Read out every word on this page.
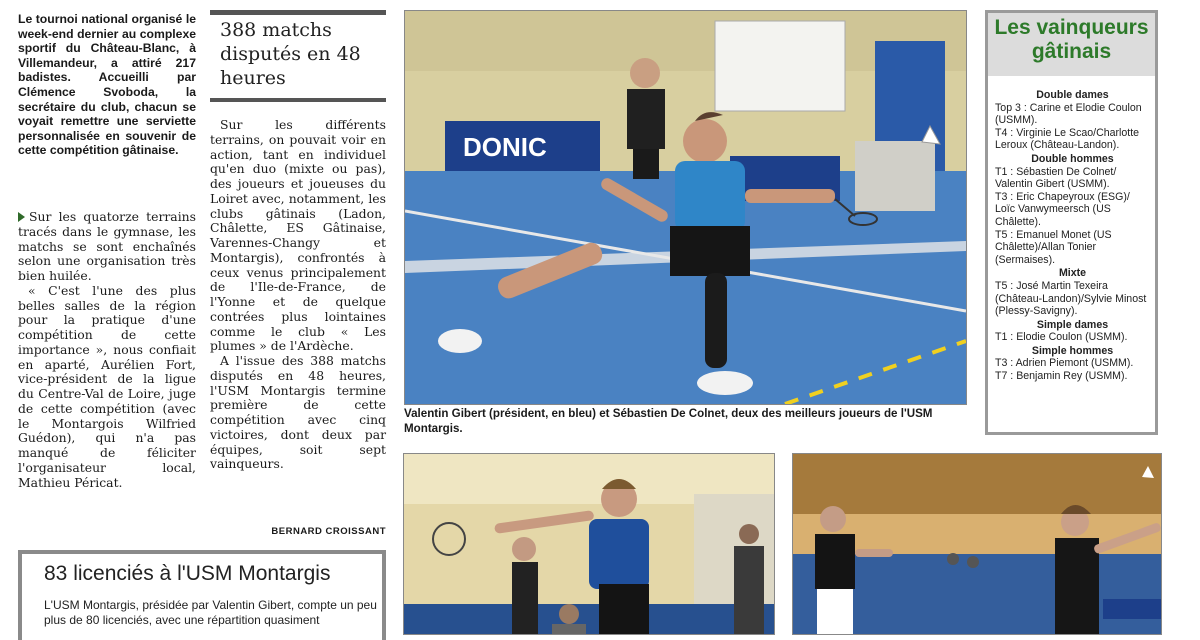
Le tournoi national organisé le week-end dernier au complexe sportif du Château-Blanc, à Villemandeur, a attiré 217 badistes. Accueilli par Clémence Svoboda, la secrétaire du club, chacun se voyait remettre une serviette personnalisée en souvenir de cette compétition gâtinaise.

Sur les quatorze terrains tracés dans le gymnase, les matchs se sont enchaînés selon une organisation très bien huilée.

« C'est l'une des plus belles salles de la région pour la pratique d'une compétition de cette importance », nous confiait en aparté, Aurélien Fort, vice-président de la ligue du Centre-Val de Loire, juge de cette compétition (avec le Montargois Wilfried Guédon), qui n'a pas manqué de féliciter l'organisateur local, Mathieu Péricat.

388 matchs disputés en 48 heures

Sur les différents terrains, on pouvait voir en action, tant en individuel qu'en duo (mixte ou pas), des joueurs et joueuses du Loiret avec, notamment, les clubs gâtinais (Ladon, Châlette, ES Gâtinaise, Varennes-Changy et Montargis), confrontés à ceux venus principalement de l'Ile-de-France, de l'Yonne et de quelque contrées plus lointaines comme le club « Les plumes » de l'Ardèche.

A l'issue des 388 matchs disputés en 48 heures, l'USM Montargis termine première de cette compétition avec cinq victoires, dont deux par équipes, soit sept vainqueurs.

BERNARD CROISSANT
83 licenciés à l'USM Montargis
L'USM Montargis, présidée par Valentin Gibert, compte un peu plus de 80 licenciés, avec une répartition quasiment
DONIC
Valentin Gibert (président, en bleu) et Sébastien De Colnet, deux des meilleurs joueurs de l'USM Montargis.
Les vainqueurs gâtinais
Double dames

Top 3 : Carine et Elodie Coulon (USMM).

T4 : Virginie Le Scao/Charlotte Leroux (Château-Landon).

Double hommes

T1 : Sébastien De Colnet/ Valentin Gibert (USMM).

T3 : Eric Chapeyroux (ESG)/ Loïc Vanwymeersch (US Châlette).

T5 : Emanuel Monet (US Châlette)/Allan Tonier (Sermaises).

Mixte

T5 : José Martin Texeira (Château-Landon)/Sylvie Minost (Plessy-Savigny).

Simple dames

T1 : Elodie Coulon (USMM).

Simple hommes

T3 : Adrien Piemont (USMM).

T7 : Benjamin Rey (USMM).
